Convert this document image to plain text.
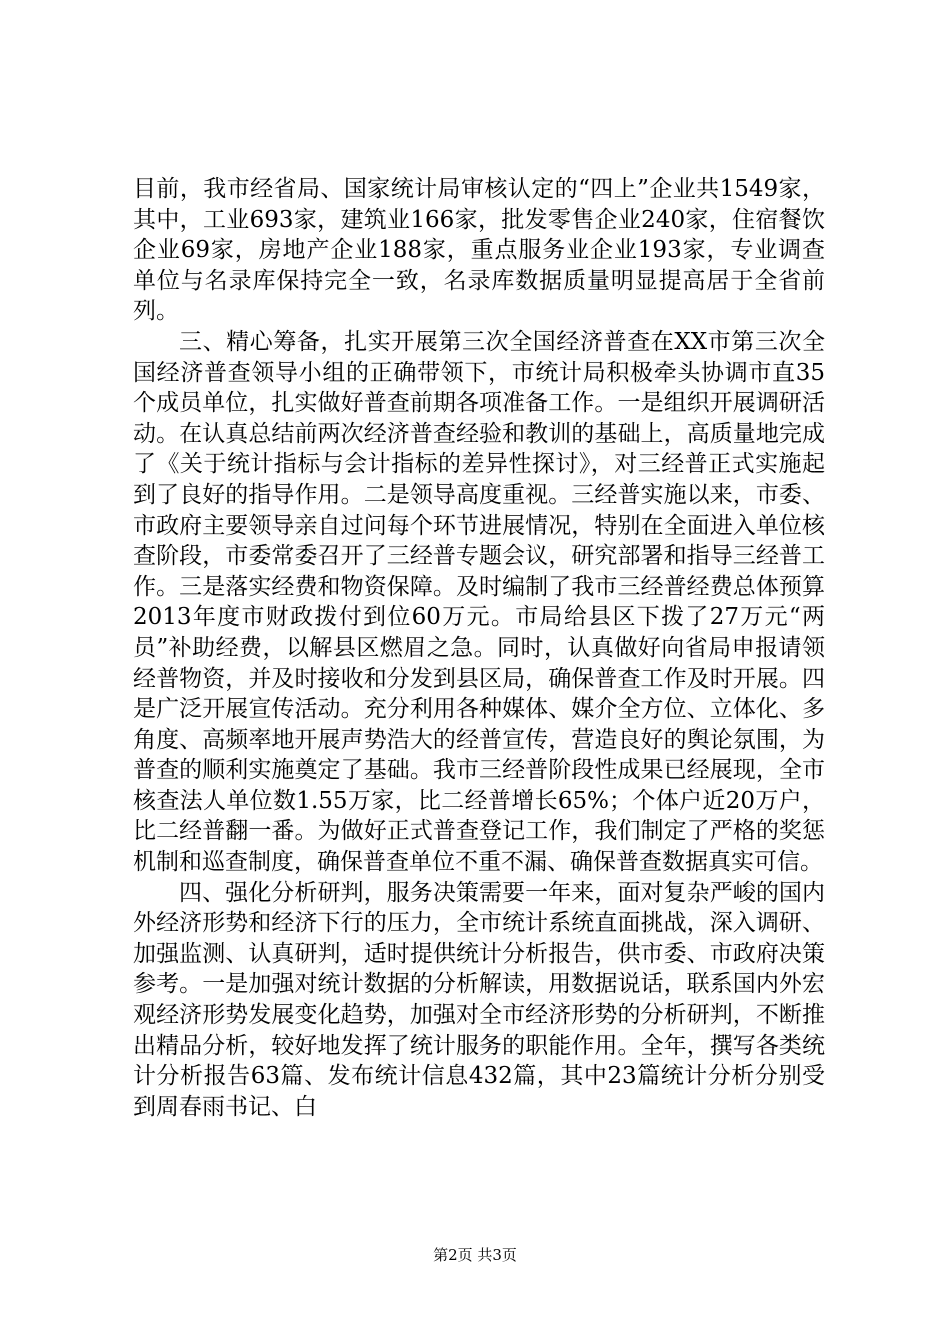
目前，我市经省局、国家统计局审核认定的“四上”企业共1549家，其中，工业693家，建筑业166家，批发零售企业240家，住宿餐饮企业69家，房地产企业188家，重点服务业企业193家，专业调查单位与名录库保持完全一致，名录库数据质量明显提高居于全省前列。

三、精心筹备，扎实开展第三次全国经济普查在XX市第三次全国经济普查领导小组的正确带领下，市统计局积极牵头协调市直35个成员单位，扎实做好普查前期各项准备工作。一是组织开展调研活动。在认真总结前两次经济普查经验和教训的基础上，高质量地完成了《关于统计指标与会计指标的差异性探讨》，对三经普正式实施起到了良好的指导作用。二是领导高度重视。三经普实施以来，市委、市政府主要领导亲自过问每个环节进展情况，特别在全面进入单位核查阶段，市委常委召开了三经普专题会议，研究部署和指导三经普工作。三是落实经费和物资保障。及时编制了我市三经普经费总体预算2013年度市财政拨付到位60万元。市局给县区下拨了27万元“两员”补助经费，以解县区燃眉之急。同时，认真做好向省局申报请领经普物资，并及时接收和分发到县区局，确保普查工作及时开展。四是广泛开展宣传活动。充分利用各种媒体、媒介全方位、立体化、多角度、高频率地开展声势浩大的经普宣传，营造良好的舆论氛围，为普查的顺利实施奠定了基础。我市三经普阶段性成果已经展现，全市核查法人单位数1.55万家，比二经普增长65%；个体户近20万户，比二经普翻一番。为做好正式普查登记工作，我们制定了严格的奖惩机制和巡查制度，确保普查单位不重不漏、确保普查数据真实可信。

四、强化分析研判，服务决策需要一年来，面对复杂严峻的国内外经济形势和经济下行的压力，全市统计系统直面挑战，深入调研、加强监测、认真研判，适时提供统计分析报告，供市委、市政府决策参考。一是加强对统计数据的分析解读，用数据说话，联系国内外宏观经济形势发展变化趋势，加强对全市经济形势的分析研判，不断推出精品分析，较好地发挥了统计服务的职能作用。全年，撰写各类统计分析报告63篇、发布统计信息432篇，其中23篇统计分析分别受到周春雨书记、白

第2页 共3页
